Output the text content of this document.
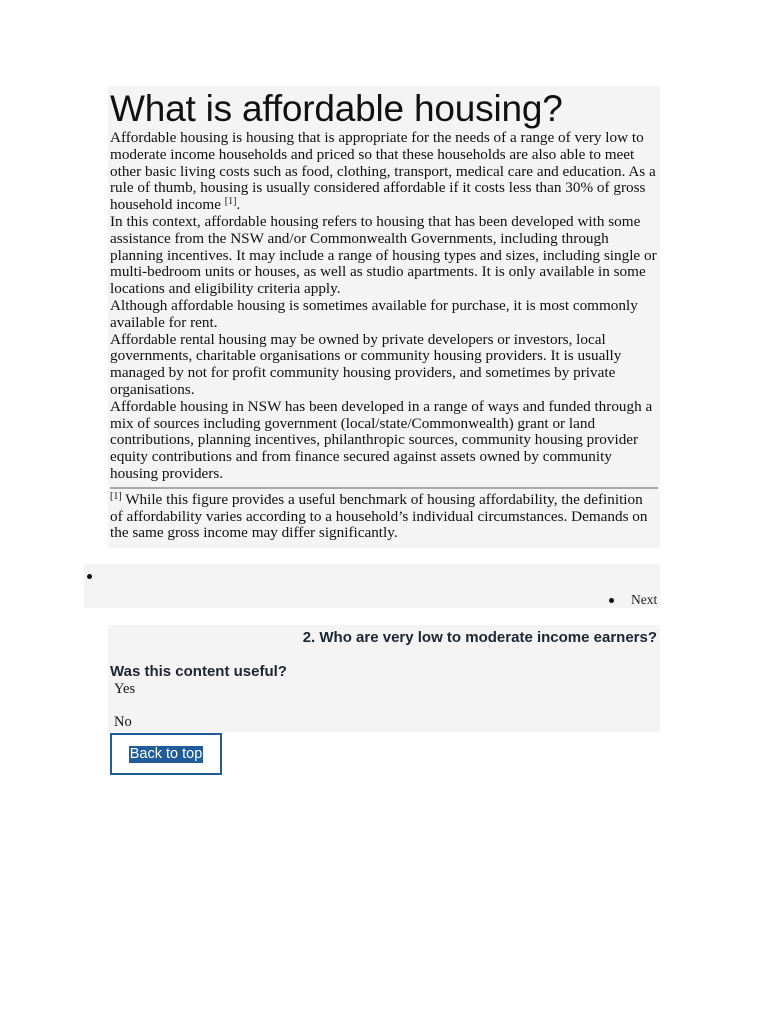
What is affordable housing?

Affordable housing is housing that is appropriate for the needs of a range of very low to moderate income households and priced so that these households are also able to meet other basic living costs such as food, clothing, transport, medical care and education. As a rule of thumb, housing is usually considered affordable if it costs less than 30% of gross household income [1].

In this context, affordable housing refers to housing that has been developed with some assistance from the NSW and/or Commonwealth Governments, including through planning incentives. It may include a range of housing types and sizes, including single or multi-bedroom units or houses, as well as studio apartments. It is only available in some locations and eligibility criteria apply.

Although affordable housing is sometimes available for purchase, it is most commonly available for rent.

Affordable rental housing may be owned by private developers or investors, local governments, charitable organisations or community housing providers. It is usually managed by not for profit community housing providers, and sometimes by private organisations.

Affordable housing in NSW has been developed in a range of ways and funded through a mix of sources including government (local/state/Commonwealth) grant or land contributions, planning incentives, philanthropic sources, community housing provider equity contributions and from finance secured against assets owned by community housing providers.

[1] While this figure provides a useful benchmark of housing affordability, the definition of affordability varies according to a household’s individual circumstances. Demands on the same gross income may differ significantly.

Next
2. Who are very low to moderate income earners?
Was this content useful?
Yes
No
Back to top
